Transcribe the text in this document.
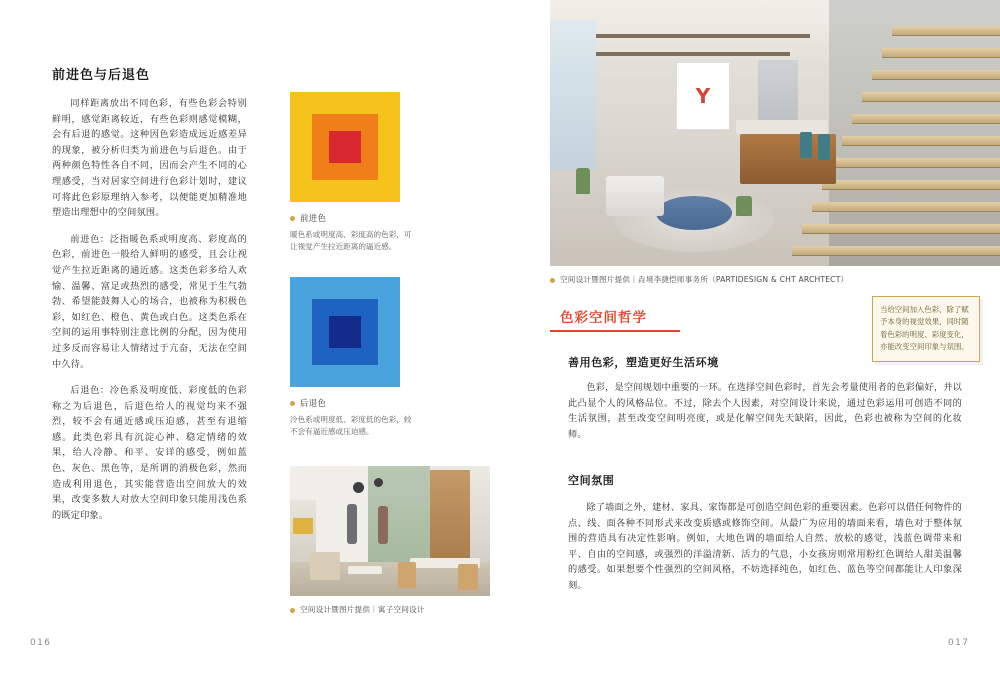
前进色与后退色

同样距离放出不同色彩，有些色彩会特别鲜明，感觉距离较近，有些色彩则感觉模糊，会有后退的感觉。这种因色彩造成远近感差异的现象，被分析归类为前进色与后退色。由于两种颜色特性各自不同，因而会产生不同的心理感受，当对居家空间进行色彩计划时，建议可将此色彩原理纳入参考，以便能更加精准地塑造出理想中的空间氛围。

前进色：泛指暖色系或明度高、彩度高的色彩，前进色一般给人鲜明的感受，且会让视觉产生拉近距离的通近感。这类色彩多给人欢愉、温馨、富足或热烈的感受，常见于生气勃勃、希望能鼓舞人心的场合，也被称为积极色彩，如红色、橙色、黄色或白色。这类色系在空间的运用事特别注意比例的分配，因为使用过多反而容易让人情绪过于亢奋，无法在空间中久待。

后退色：冷色系及明度低、彩度低的色彩称之为后退色，后退色给人的视觉均来不强烈，较不会有通近感或压迫感，甚至有退缩感。此类色彩具有沉淀心神、稳定情绪的效果，给人冷静、和平、安详的感受，例如蓝色、灰色、黑色等，是所谓的消极色彩，然而造成利用退色，其实能营造出空间放大的效果，改变多数人对放大空间印象只能用浅色系的既定印象。

前进色
暖色系或明度高、彩度高的色彩，可让视觉产生拉近距离的逼近感。
后退色
冷色系或明度低、彩度低的色彩，较不会有逼近感或压迫感。
空间设计暨图片提供｜寓子空间设计
016
Y
空间设计暨图片提供｜垚境李捷恺师事务所（PARTIDESIGN & CHT ARCHTECT）
色彩空间哲学
善用色彩，塑造更好生活环境

色彩，是空间规划中重要的一环。在选择空间色彩时，首先会考量使用者的色彩偏好，并以此凸显个人的风格品位。不过，除去个人因素，对空间设计来说，通过色彩运用可创造不同的生活氛围，甚至改变空间明亮度，或是化解空间先天缺陷，因此，色彩也被称为空间的化妆师。

空间氛围

除了墙面之外，建材、家具、家饰都是可创造空间色彩的重要因素。色彩可以借任何物件的点、线、面各种不同形式来改变质感或修饰空间。从最广为应用的墙面来看，墙色对于整体氛围的营造具有决定性影响。例如，大地色调的墙面给人自然、放松的感觉，浅蓝色调带来和平、自由的空间感，或强烈的洋溢清新、活力的气息，小女孩房则常用粉红色调给人甜美温馨的感受。如果想要个性强烈的空间风格，不妨选择纯色，如红色、蓝色等空间都能让人印象深刻。

当给空间加入色彩，除了赋予本身的视觉效果，同时随着色彩的明度、彩度变化，亦能改变空间印象与氛围。
017
